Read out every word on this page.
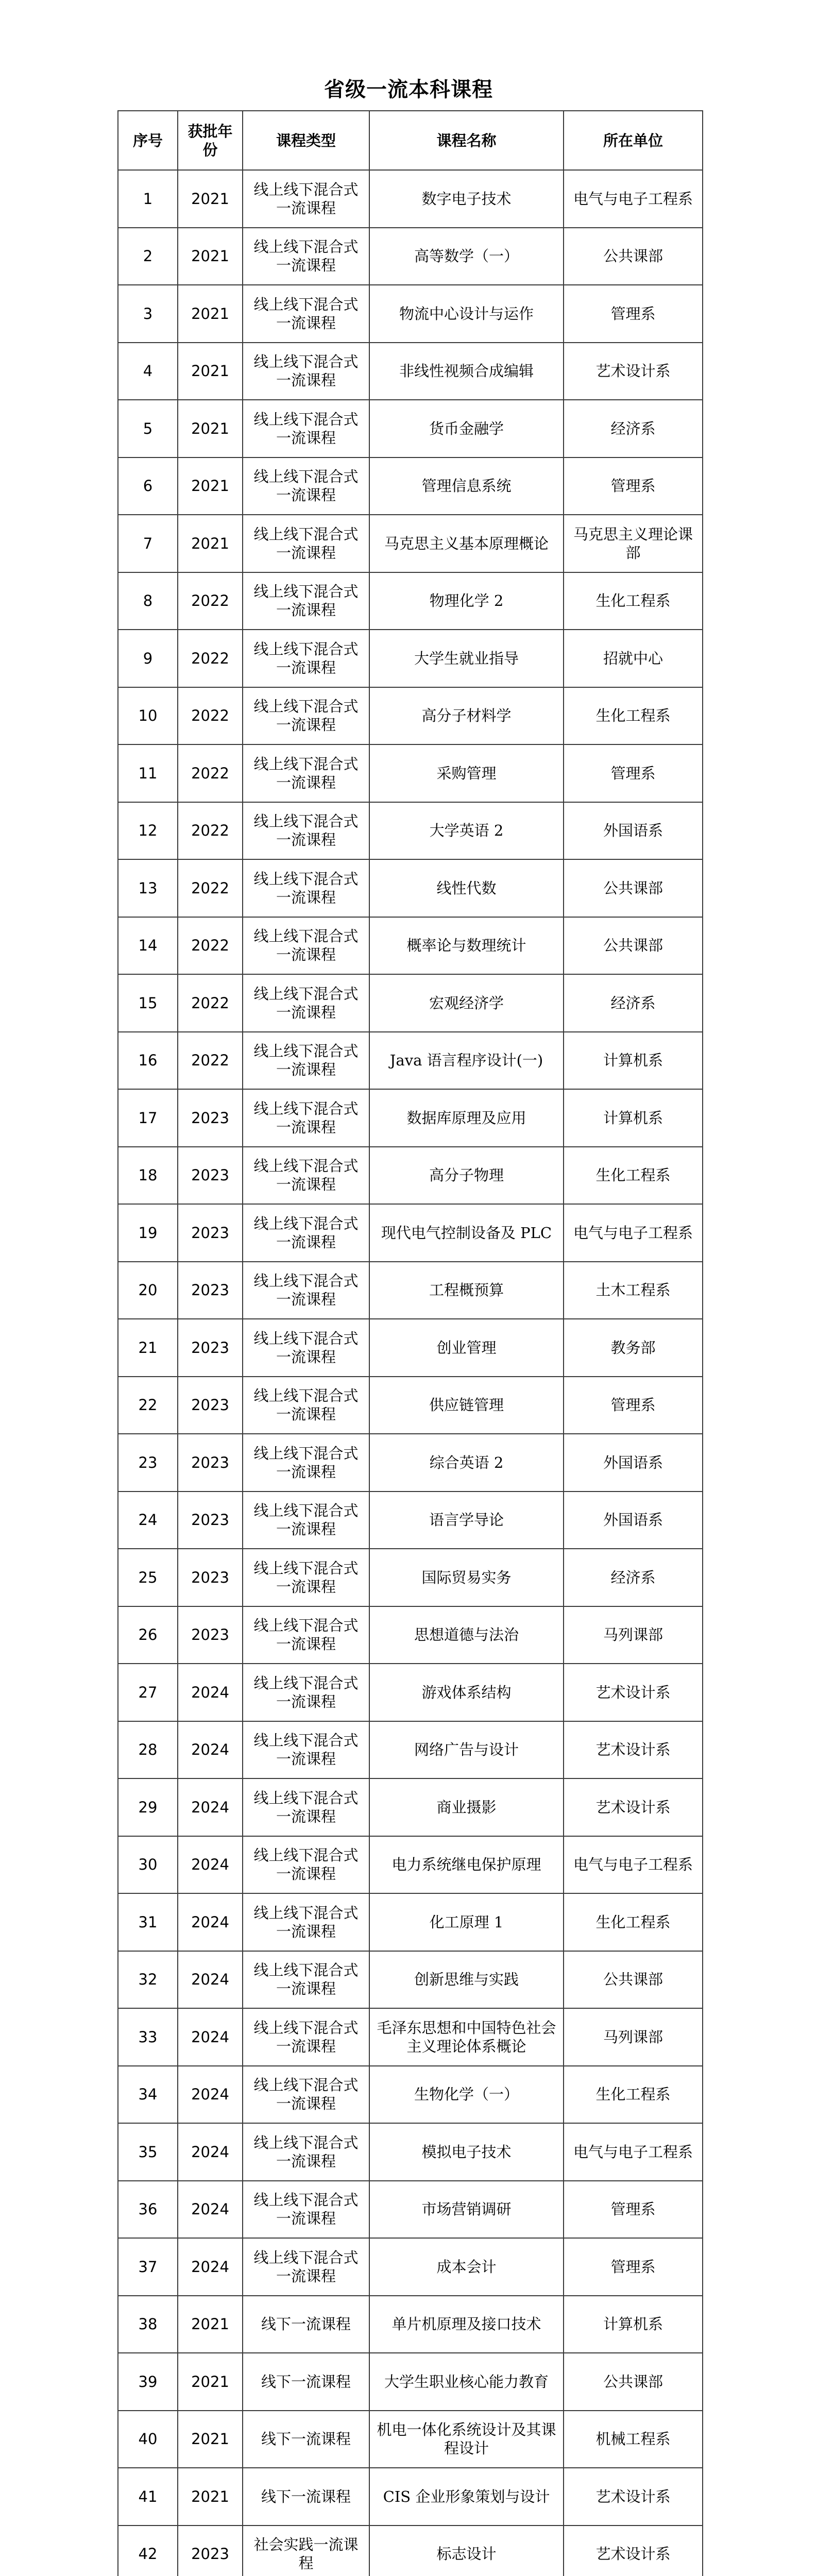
省级一流本科课程
序号	获批年份	课程类型	课程名称	所在单位
1	2021	线上线下混合式一流课程	数字电子技术	电气与电子工程系
2	2021	线上线下混合式一流课程	高等数学（一）	公共课部
3	2021	线上线下混合式一流课程	物流中心设计与运作	管理系
4	2021	线上线下混合式一流课程	非线性视频合成编辑	艺术设计系
5	2021	线上线下混合式一流课程	货币金融学	经济系
6	2021	线上线下混合式一流课程	管理信息系统	管理系
7	2021	线上线下混合式一流课程	马克思主义基本原理概论	马克思主义理论课部
8	2022	线上线下混合式一流课程	物理化学 2	生化工程系
9	2022	线上线下混合式一流课程	大学生就业指导	招就中心
10	2022	线上线下混合式一流课程	高分子材料学	生化工程系
11	2022	线上线下混合式一流课程	采购管理	管理系
12	2022	线上线下混合式一流课程	大学英语 2	外国语系
13	2022	线上线下混合式一流课程	线性代数	公共课部
14	2022	线上线下混合式一流课程	概率论与数理统计	公共课部
15	2022	线上线下混合式一流课程	宏观经济学	经济系
16	2022	线上线下混合式一流课程	Java 语言程序设计(一)	计算机系
17	2023	线上线下混合式一流课程	数据库原理及应用	计算机系
18	2023	线上线下混合式一流课程	高分子物理	生化工程系
19	2023	线上线下混合式一流课程	现代电气控制设备及 PLC	电气与电子工程系
20	2023	线上线下混合式一流课程	工程概预算	土木工程系
21	2023	线上线下混合式一流课程	创业管理	教务部
22	2023	线上线下混合式一流课程	供应链管理	管理系
23	2023	线上线下混合式一流课程	综合英语 2	外国语系
24	2023	线上线下混合式一流课程	语言学导论	外国语系
25	2023	线上线下混合式一流课程	国际贸易实务	经济系
26	2023	线上线下混合式一流课程	思想道德与法治	马列课部
27	2024	线上线下混合式一流课程	游戏体系结构	艺术设计系
28	2024	线上线下混合式一流课程	网络广告与设计	艺术设计系
29	2024	线上线下混合式一流课程	商业摄影	艺术设计系
30	2024	线上线下混合式一流课程	电力系统继电保护原理	电气与电子工程系
31	2024	线上线下混合式一流课程	化工原理 1	生化工程系
32	2024	线上线下混合式一流课程	创新思维与实践	公共课部
33	2024	线上线下混合式一流课程	毛泽东思想和中国特色社会主义理论体系概论	马列课部
34	2024	线上线下混合式一流课程	生物化学（一）	生化工程系
35	2024	线上线下混合式一流课程	模拟电子技术	电气与电子工程系
36	2024	线上线下混合式一流课程	市场营销调研	管理系
37	2024	线上线下混合式一流课程	成本会计	管理系
38	2021	线下一流课程	单片机原理及接口技术	计算机系
39	2021	线下一流课程	大学生职业核心能力教育	公共课部
40	2021	线下一流课程	机电一体化系统设计及其课程设计	机械工程系
41	2021	线下一流课程	CIS 企业形象策划与设计	艺术设计系
42	2023	社会实践一流课程	标志设计	艺术设计系
